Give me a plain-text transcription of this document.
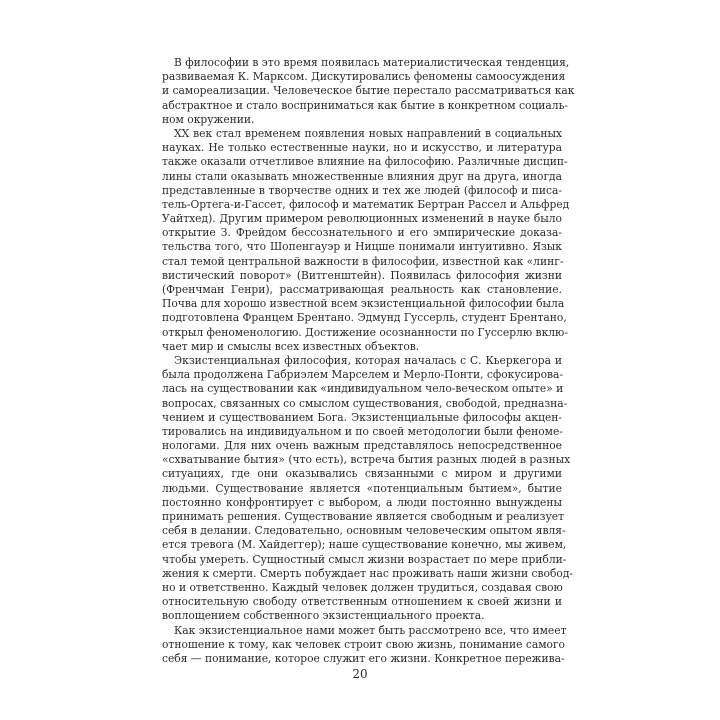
В философии в это время появилась материалистическая тенденция,
развиваемая К. Марксом. Дискутировались феномены самоосуждения
и самореализации. Человеческое бытие перестало рассматриваться как
абстрактное и стало восприниматься как бытие в конкретном социаль-
ном окружении.
XX век стал временем появления новых направлений в социальных
науках. Не только естественные науки, но и искусство, и литература
также оказали отчетливое влияние на философию. Различные дисцип-
лины стали оказывать множественные влияния друг на друга, иногда
представленные в творчестве одних и тех же людей (философ и писа-
тель-Ортега-и-Гассет, философ и математик Бертран Рассел и Альфред
Уайтхед). Другим примером революционных изменений в науке было
открытие З. Фрейдом бессознательного и его эмпирические доказа-
тельства того, что Шопенгауэр и Ницше понимали интуитивно. Язык
стал темой центральной важности в философии, известной как «линг-
вистический поворот» (Витгенштейн). Появилась философия жизни
(Френчман Генри), рассматривающая реальность как становление.
Почва для хорошо известной всем экзистенциальной философии была
подготовлена Францем Брентано. Эдмунд Гуссерль, студент Брентано,
открыл феноменологию. Достижение осознанности по Гуссерлю вклю-
чает мир и смыслы всех известных объектов.
Экзистенциальная философия, которая началась с С. Кьеркегора и
была продолжена Габриэлем Марселем и Мерло-Понти, сфокусирова-
лась на существовании как «индивидуальном чело-веческом опыте» и
вопросах, связанных со смыслом существования, свободой, предназна-
чением и существованием Бога. Экзистенциальные философы акцен-
тировались на индивидуальном и по своей методологии были феноме-
нологами. Для них очень важным представлялось непосредственное
«схватывание бытия» (что есть), встреча бытия разных людей в разных
ситуациях, где они оказывались связанными с миром и другими
людьми. Существование является «потенциальным бытием», бытие
постоянно конфронтирует с выбором, а люди постоянно вынуждены
принимать решения. Существование является свободным и реализует
себя в делании. Следовательно, основным человеческим опытом явля-
ется тревога (М. Хайдеггер); наше существование конечно, мы живем,
чтобы умереть. Сущностный смысл жизни возрастает по мере прибли-
жения к смерти. Смерть побуждает нас проживать наши жизни свобод-
но и ответственно. Каждый человек должен трудиться, создавая свою
относительную свободу ответственным отношением к своей жизни и
воплощением собственного экзистенциального проекта.
Как экзистенциальное нами может быть рассмотрено все, что имеет
отношение к тому, как человек строит свою жизнь, понимание самого
себя — понимание, которое служит его жизни. Конкретное пережива-
20
